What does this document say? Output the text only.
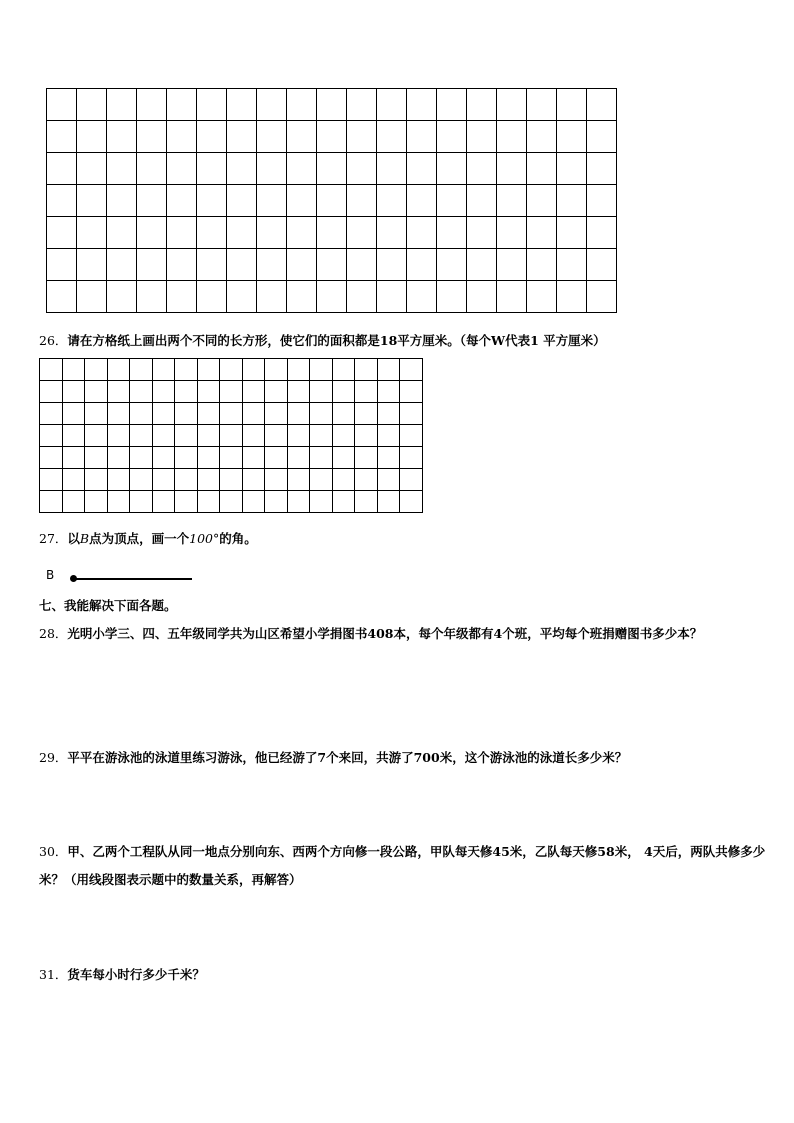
26．请在方格纸上画出两个不同的长方形，使它们的面积都是18平方厘米。（每个W代表1 平方厘米）

27．以B点为顶点，画一个100°的角。
B
七、我能解决下面各题。
28．光明小学三、四、五年级同学共为山区希望小学捐图书408本，每个年级都有4个班，平均每个班捐赠图书多少本？
29．平平在游泳池的泳道里练习游泳，他已经游了7个来回，共游了700米，这个游泳池的泳道长多少米？
30．甲、乙两个工程队从同一地点分别向东、西两个方向修一段公路，甲队每天修45米，乙队每天修58米， 4天后，两队共修多少米？（用线段图表示题中的数量关系，再解答）
31．货车每小时行多少千米？
